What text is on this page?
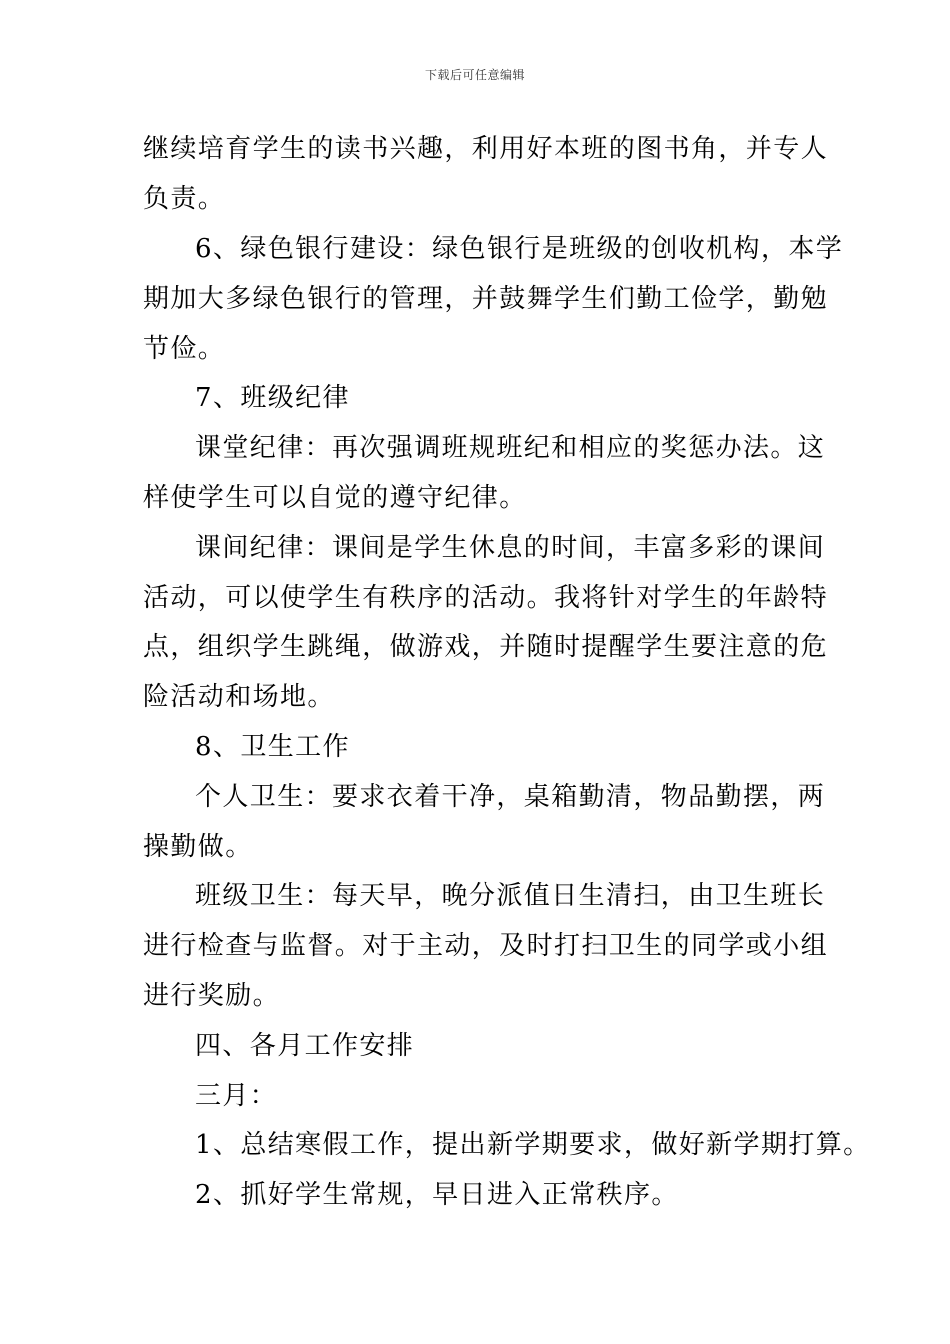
下载后可任意编辑
继续培育学生的读书兴趣，利用好本班的图书角，并专人
负责。
6、绿色银行建设：绿色银行是班级的创收机构，本学
期加大多绿色银行的管理，并鼓舞学生们勤工俭学，勤勉
节俭。
7、班级纪律
课堂纪律：再次强调班规班纪和相应的奖惩办法。这
样使学生可以自觉的遵守纪律。
课间纪律：课间是学生休息的时间，丰富多彩的课间
活动，可以使学生有秩序的活动。我将针对学生的年龄特
点，组织学生跳绳，做游戏，并随时提醒学生要注意的危
险活动和场地。
8、卫生工作
个人卫生：要求衣着干净，桌箱勤清，物品勤摆，两
操勤做。
班级卫生：每天早，晚分派值日生清扫，由卫生班长
进行检查与监督。对于主动，及时打扫卫生的同学或小组
进行奖励。
四、各月工作安排
三月：
1、总结寒假工作，提出新学期要求，做好新学期打算。
2、抓好学生常规，早日进入正常秩序。
